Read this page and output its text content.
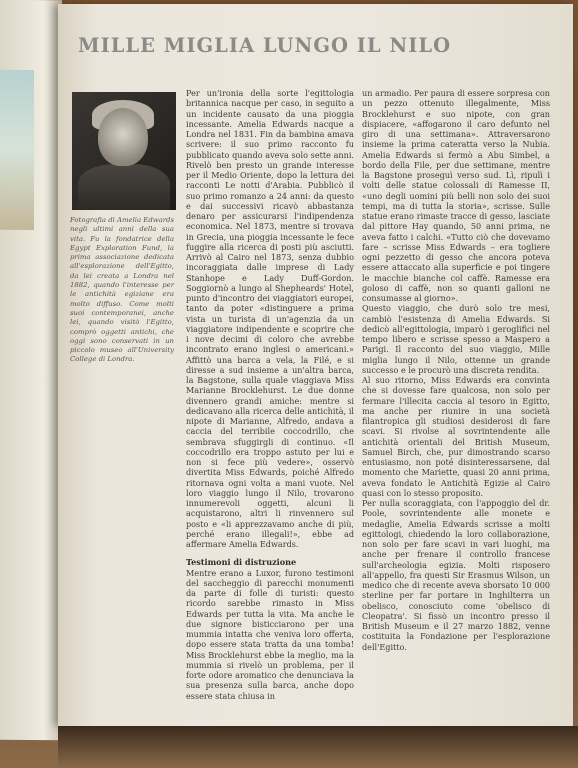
MILLE MIGLIA LUNGO IL NILO
Fotografia di Amelia Edwards negli ultimi anni della sua vita. Fu la fondatrice della Egypt Exploration Fund, la prima associazione dedicata all'esplorazione dell'Egitto, da lei creata a Londra nel 1882, quando l'interesse per le antichità egiziane era molto diffuso. Come molti suoi contemporanei, anche lei, quando visitò l'Egitto, comprò oggetti antichi, che oggi sono conservati in un piccolo museo all'University College di Londra.

Per un'ironia della sorte l'egittologia britannica nacque per caso, in seguito a un incidente causato da una pioggia incessante. Amelia Edwards nacque a Londra nel 1831. Fin da bambina amava scrivere: il suo primo racconto fu pubblicato quando aveva solo sette anni. Rivelò ben presto un grande interesse per il Medio Oriente, dopo la lettura dei racconti Le notti d'Arabia. Pubblicò il suo primo romanzo a 24 anni: da questo e dai successivi ricavò abbastanza denaro per assicurarsi l'indipendenza economica. Nel 1873, mentre si trovava in Grecia, una pioggia incessante le fece fuggire alla ricerca di posti più asciutti. Arrivò al Cairo nel 1873, senza dubbio incoraggiata dalle imprese di Lady Stanhope e Lady Duff-Gordon. Soggiornò a lungo al Shepheards' Hotel, punto d'incontro dei viaggiatori europei, tanto da poter «distinguere a prima vista un turista di un'agenzia da un viaggiatore indipendente e scoprire che i nove decimi di coloro che avrebbe incontrato erano inglesi o americani.» Affittò una barca a vela, la Filé, e si diresse a sud insieme a un'altra barca, la Bagstone, sulla quale viaggiava Miss Marianne Brocklehurst. Le due donne divennero grandi amiche: mentre si dedicavano alla ricerca delle antichità, il nipote di Marianne, Alfredo, andava a caccia del terribile coccodrillo, che sembrava sfuggirgli di continuo. «Il coccodrillo era troppo astuto per lui e non si fece più vedere», osservò divertita Miss Edwards, poiché Alfredo ritornava ogni volta a mani vuote. Nel loro viaggio lungo il Nilo, trovarono innumerevoli oggetti, alcuni li acquistarono, altri li rinvennero sul posto e «li apprezzavamo anche di più, perché erano illegali!», ebbe ad affermare Amelia Edwards.

Testimoni di distruzione

Mentre erano a Luxor, furono testimoni del saccheggio di parecchi monumenti da parte di folle di turisti: questo ricordo sarebbe rimasto in Miss Edwards per tutta la vita. Ma anche le due signore bisticciarono per una mummia intatta che veniva loro offerta, dopo essere stata tratta da una tomba! Miss Brocklehurst ebbe la meglio, ma la mummia si rivelò un problema, per il forte odore aromatico che denunciava la sua presenza sulla barca, anche dopo essere stata chiusa in

un armadio. Per paura di essere sorpresa con un pezzo ottenuto illegalmente, Miss Brocklehurst e suo nipote, con gran dispiacere, «affogarono il caro defunto nel giro di una settimana». Attraversarono insieme la prima cateratta verso la Nubia. Amelia Edwards si fermò a Abu Simbel, a bordo della File, per due settimane, mentre la Bagstone proseguì verso sud. Lì, ripulì i volti delle statue colossali di Ramesse II, «uno degli uomini più belli non solo dei suoi tempi, ma di tutta la storia», scrisse. Sulle statue erano rimaste tracce di gesso, lasciate dal pittore Hay quando, 50 anni prima, ne aveva fatto i calchi. «Tutto ciò che dovevamo fare – scrisse Miss Edwards – era togliere ogni pezzetto di gesso che ancora poteva essere attaccato alla superficie e poi tingere le macchie bianche col caffè. Ramesse era goloso di caffè, non so quanti galloni ne consumasse al giorno».

Questo viaggio, che durò solo tre mesi, cambiò l'esistenza di Amelia Edwards. Si dedicò all'egittologia, imparò i geroglifici nel tempo libero e scrisse spesso a Maspero a Parigi. Il racconto del suo viaggio, Mille miglia lungo il Nilo, ottenne un grande successo e le procurò una discreta rendita.

Al suo ritorno, Miss Edwards era convinta che si dovesse fare qualcosa, non solo per fermare l'illecita caccia al tesoro in Egitto, ma anche per riunire in una società filantropica gli studiosi desiderosi di fare scavi. Si rivolse al sovrintendente alle antichità orientali del British Museum, Samuel Birch, che, pur dimostrando scarso entusiasmo, non poté disinteressarsene, dal momento che Mariette, quasi 20 anni prima, aveva fondato le Antichità Egizie al Cairo quasi con lo stesso proposito.

Per nulla scoraggiata, con l'appoggio del dr. Poole, sovrintendente alle monete e medaglie, Amelia Edwards scrisse a molti egittologi, chiedendo la loro collaborazione, non solo per fare scavi in vari luoghi, ma anche per frenare il controllo francese sull'archeologia egizia. Molti risposero all'appello, fra questi Sir Erasmus Wilson, un medico che di recente aveva sborsato 10 000 sterline per far portare in Inghilterra un obelisco, conosciuto come 'obelisco di Cleopatra'. Si fissò un incontro presso il British Museum e il 27 marzo 1882, venne costituita la Fondazione per l'esplorazione dell'Egitto.
